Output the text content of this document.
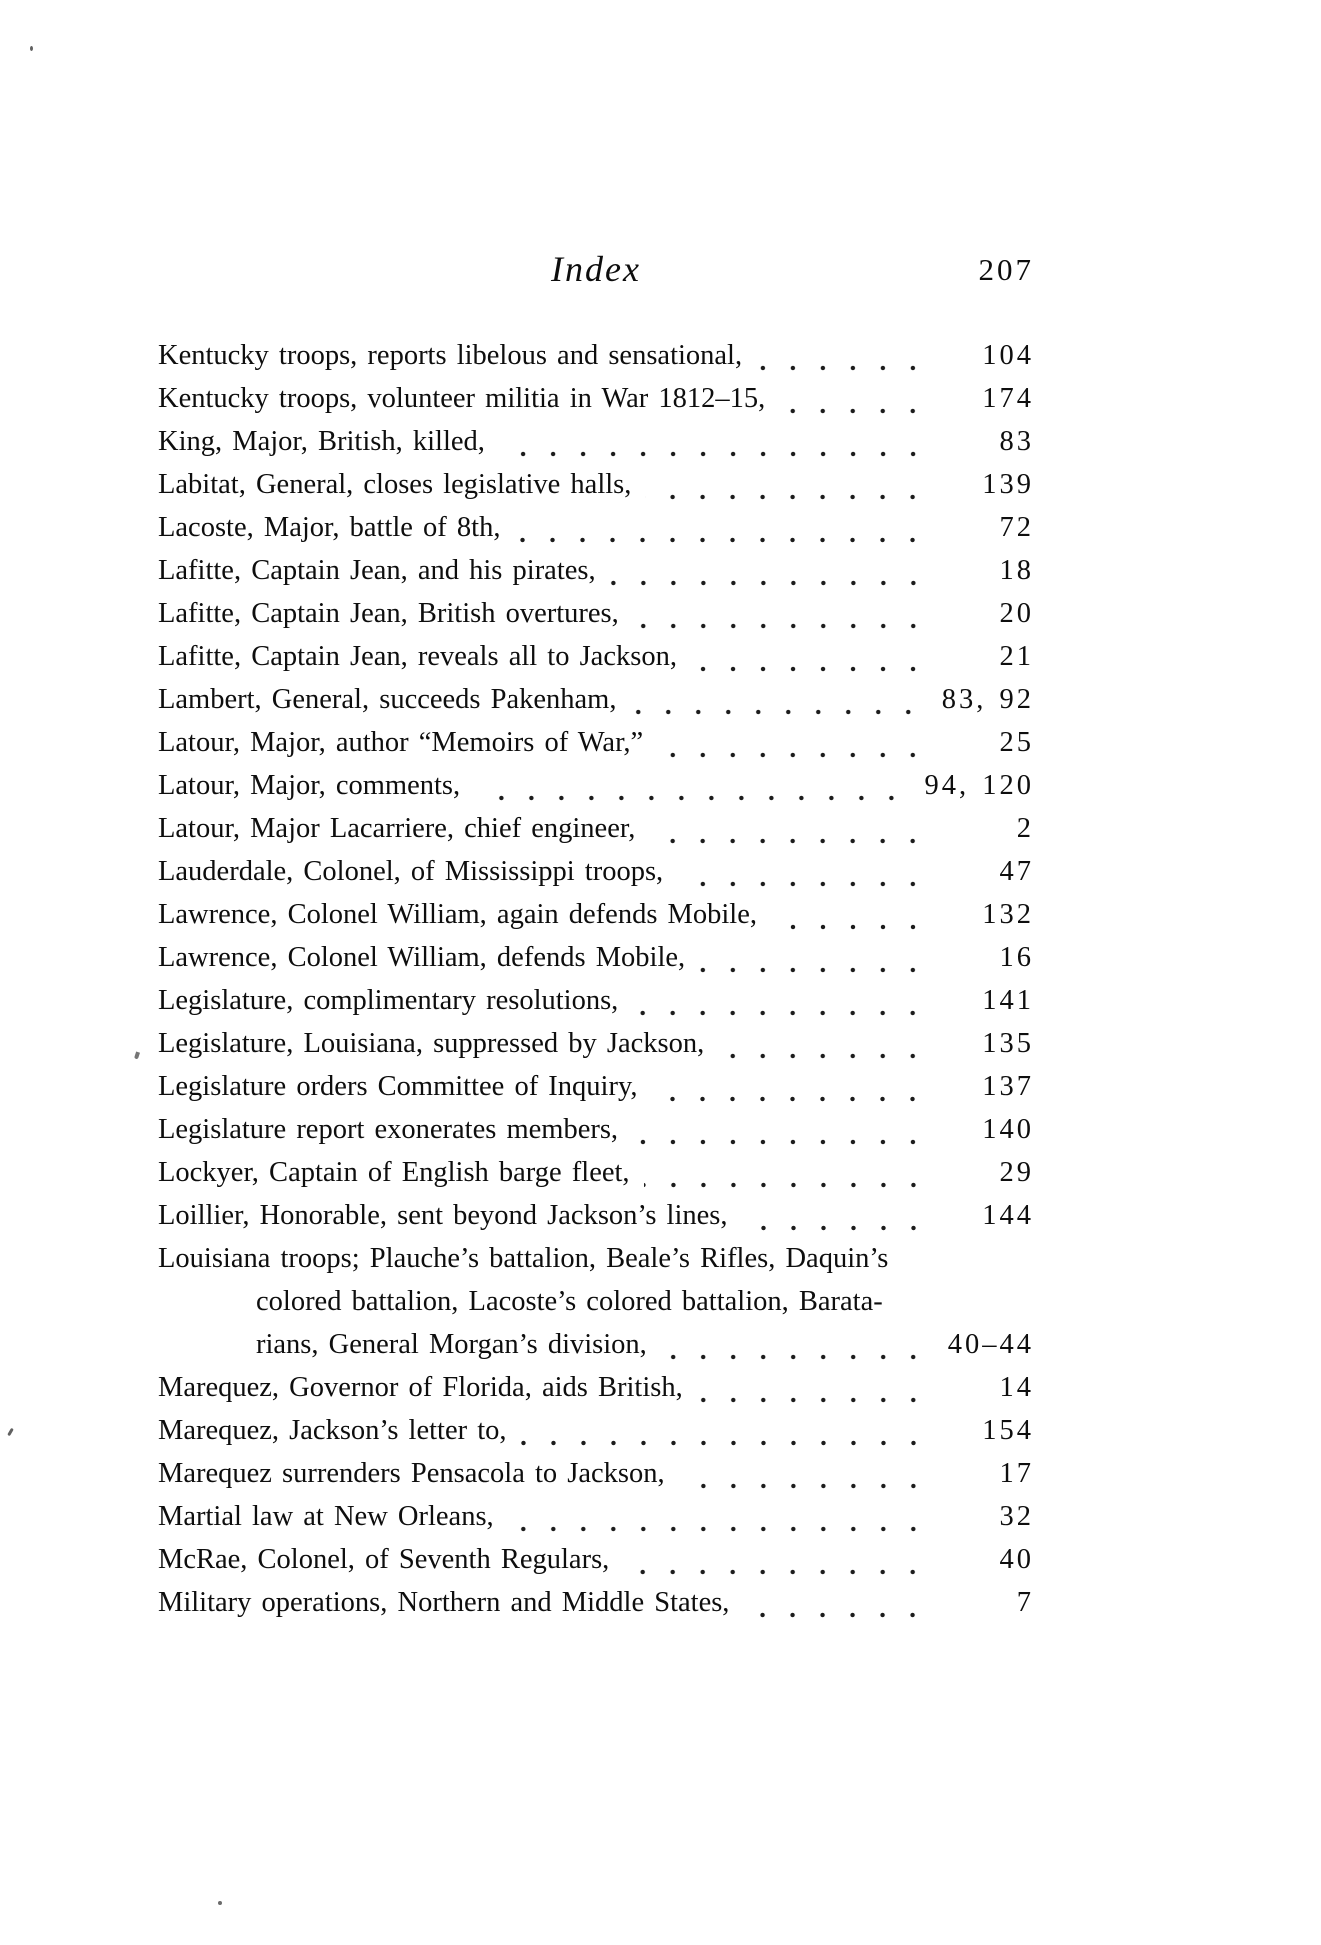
Index	207
Kentucky troops, reports libelous and sensational,	104
Kentucky troops, volunteer militia in War 1812–15,	174
King, Major, British, killed,	83
Labitat, General, closes legislative halls,	139
Lacoste, Major, battle of 8th,	72
Lafitte, Captain Jean, and his pirates,	18
Lafitte, Captain Jean, British overtures,	20
Lafitte, Captain Jean, reveals all to Jackson,	21
Lambert, General, succeeds Pakenham,	83, 92
Latour, Major, author “Memoirs of War,”	25
Latour, Major, comments,	94, 120
Latour, Major Lacarriere, chief engineer,	2
Lauderdale, Colonel, of Mississippi troops,	47
Lawrence, Colonel William, again defends Mobile,	132
Lawrence, Colonel William, defends Mobile,	16
Legislature, complimentary resolutions,	141
Legislature, Louisiana, suppressed by Jackson,	135
Legislature orders Committee of Inquiry,	137
Legislature report exonerates members,	140
Lockyer, Captain of English barge fleet,	29
Loillier, Honorable, sent beyond Jackson’s lines,	144
Louisiana troops; Plauche’s battalion, Beale’s Rifles, Daquin’s
colored battalion, Lacoste’s colored battalion, Barata-
rians, General Morgan’s division,	40–44
Marequez, Governor of Florida, aids British,	14
Marequez, Jackson’s letter to,	154
Marequez surrenders Pensacola to Jackson,	17
Martial law at New Orleans,	32
McRae, Colonel, of Seventh Regulars,	40
Military operations, Northern and Middle States,	7
